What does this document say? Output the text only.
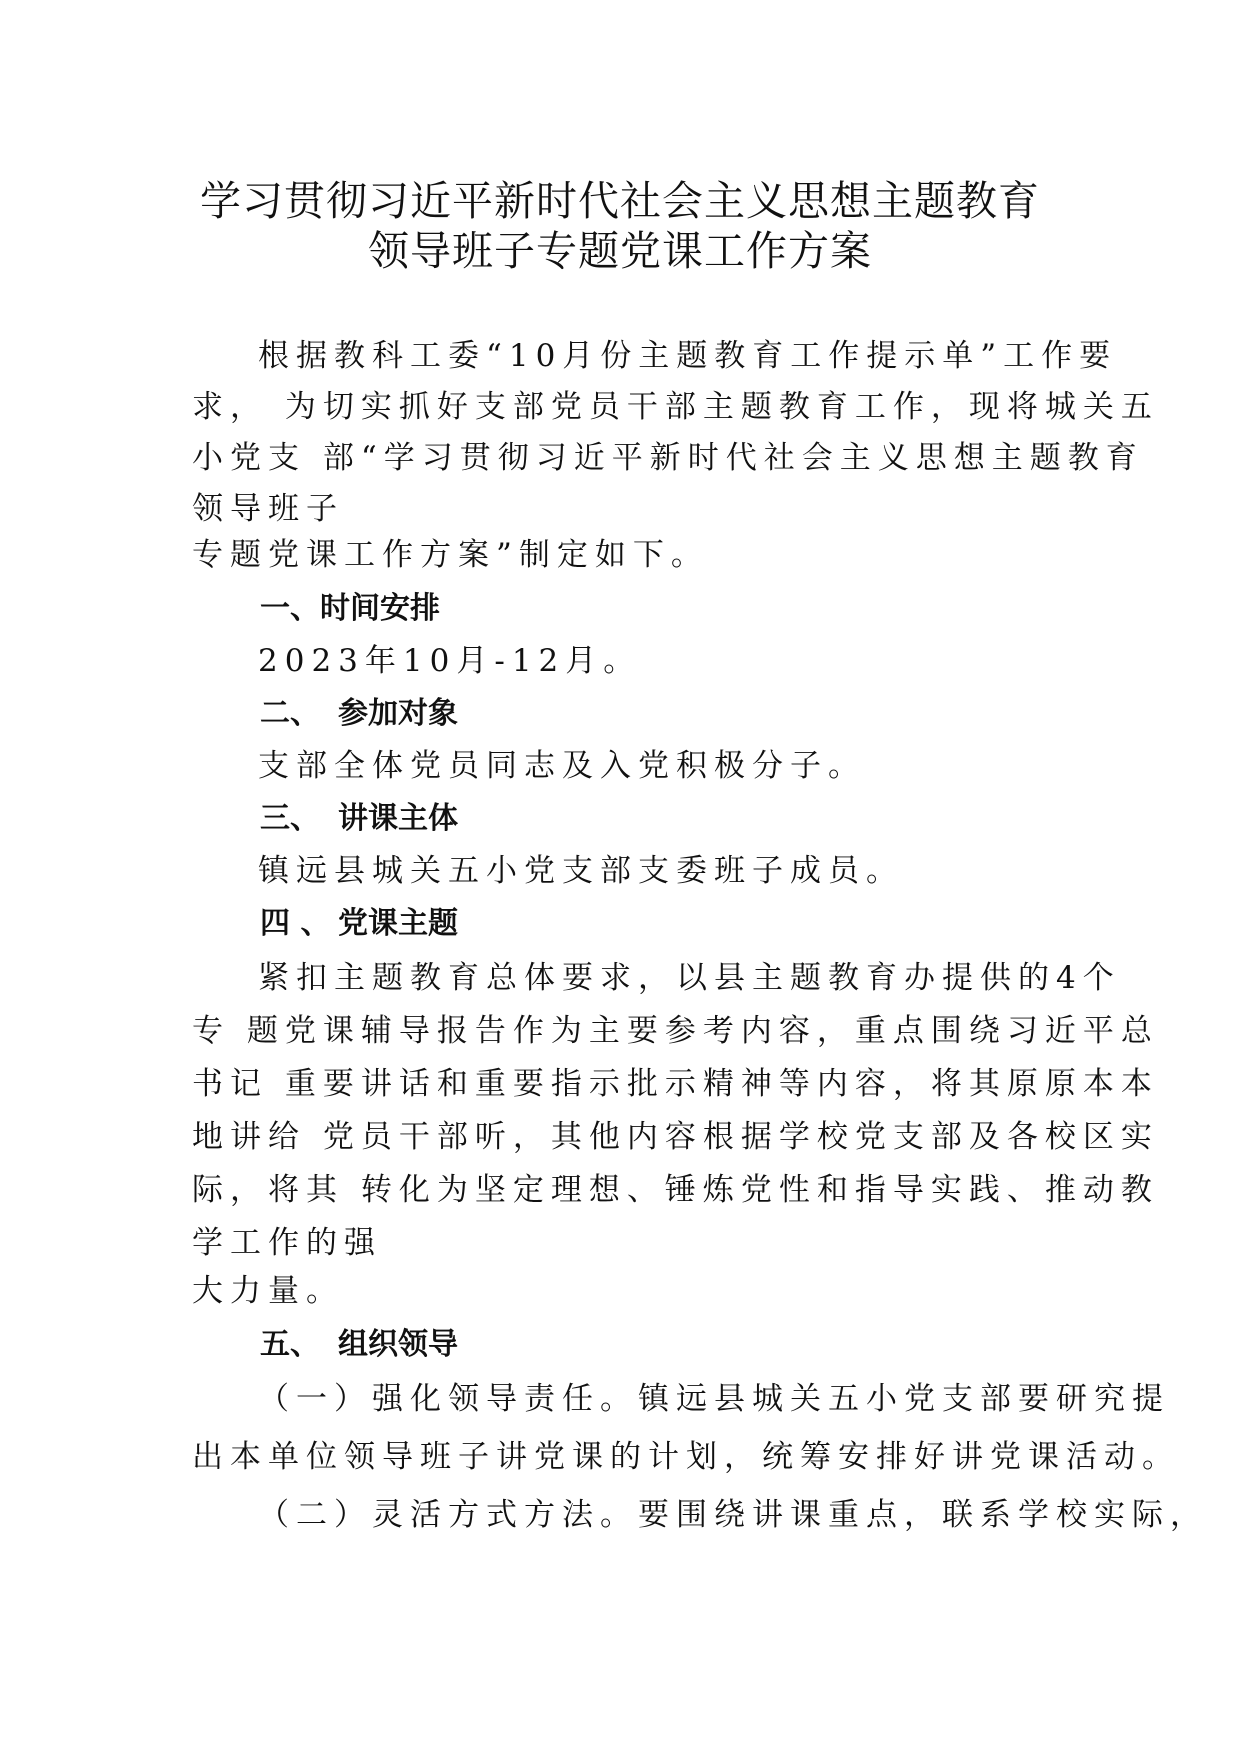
学习贯彻习近平新时代社会主义思想主题教育
领导班子专题党课工作方案
根据教科工委“10月份主题教育工作提示单”工作要
求， 为切实抓好支部党员干部主题教育工作，现将城关五
小党支 部“学习贯彻习近平新时代社会主义思想主题教育
领导班子
专题党课工作方案”制定如下。
一、时间安排
2023年10月-12月。
二、 参加对象
支部全体党员同志及入党积极分子。
三、 讲课主体
镇远县城关五小党支部支委班子成员。
四 、 党课主题
紧扣主题教育总体要求，以县主题教育办提供的4个
专 题党课辅导报告作为主要参考内容，重点围绕习近平总
书记 重要讲话和重要指示批示精神等内容，将其原原本本
地讲给 党员干部听，其他内容根据学校党支部及各校区实
际，将其 转化为坚定理想、锤炼党性和指导实践、推动教
学工作的强
大力量。
五、 组织领导
（一）强化领导责任。镇远县城关五小党支部要研究提
出本单位领导班子讲党课的计划，统筹安排好讲党课活动。
（二）灵活方式方法。要围绕讲课重点，联系学校实际，
